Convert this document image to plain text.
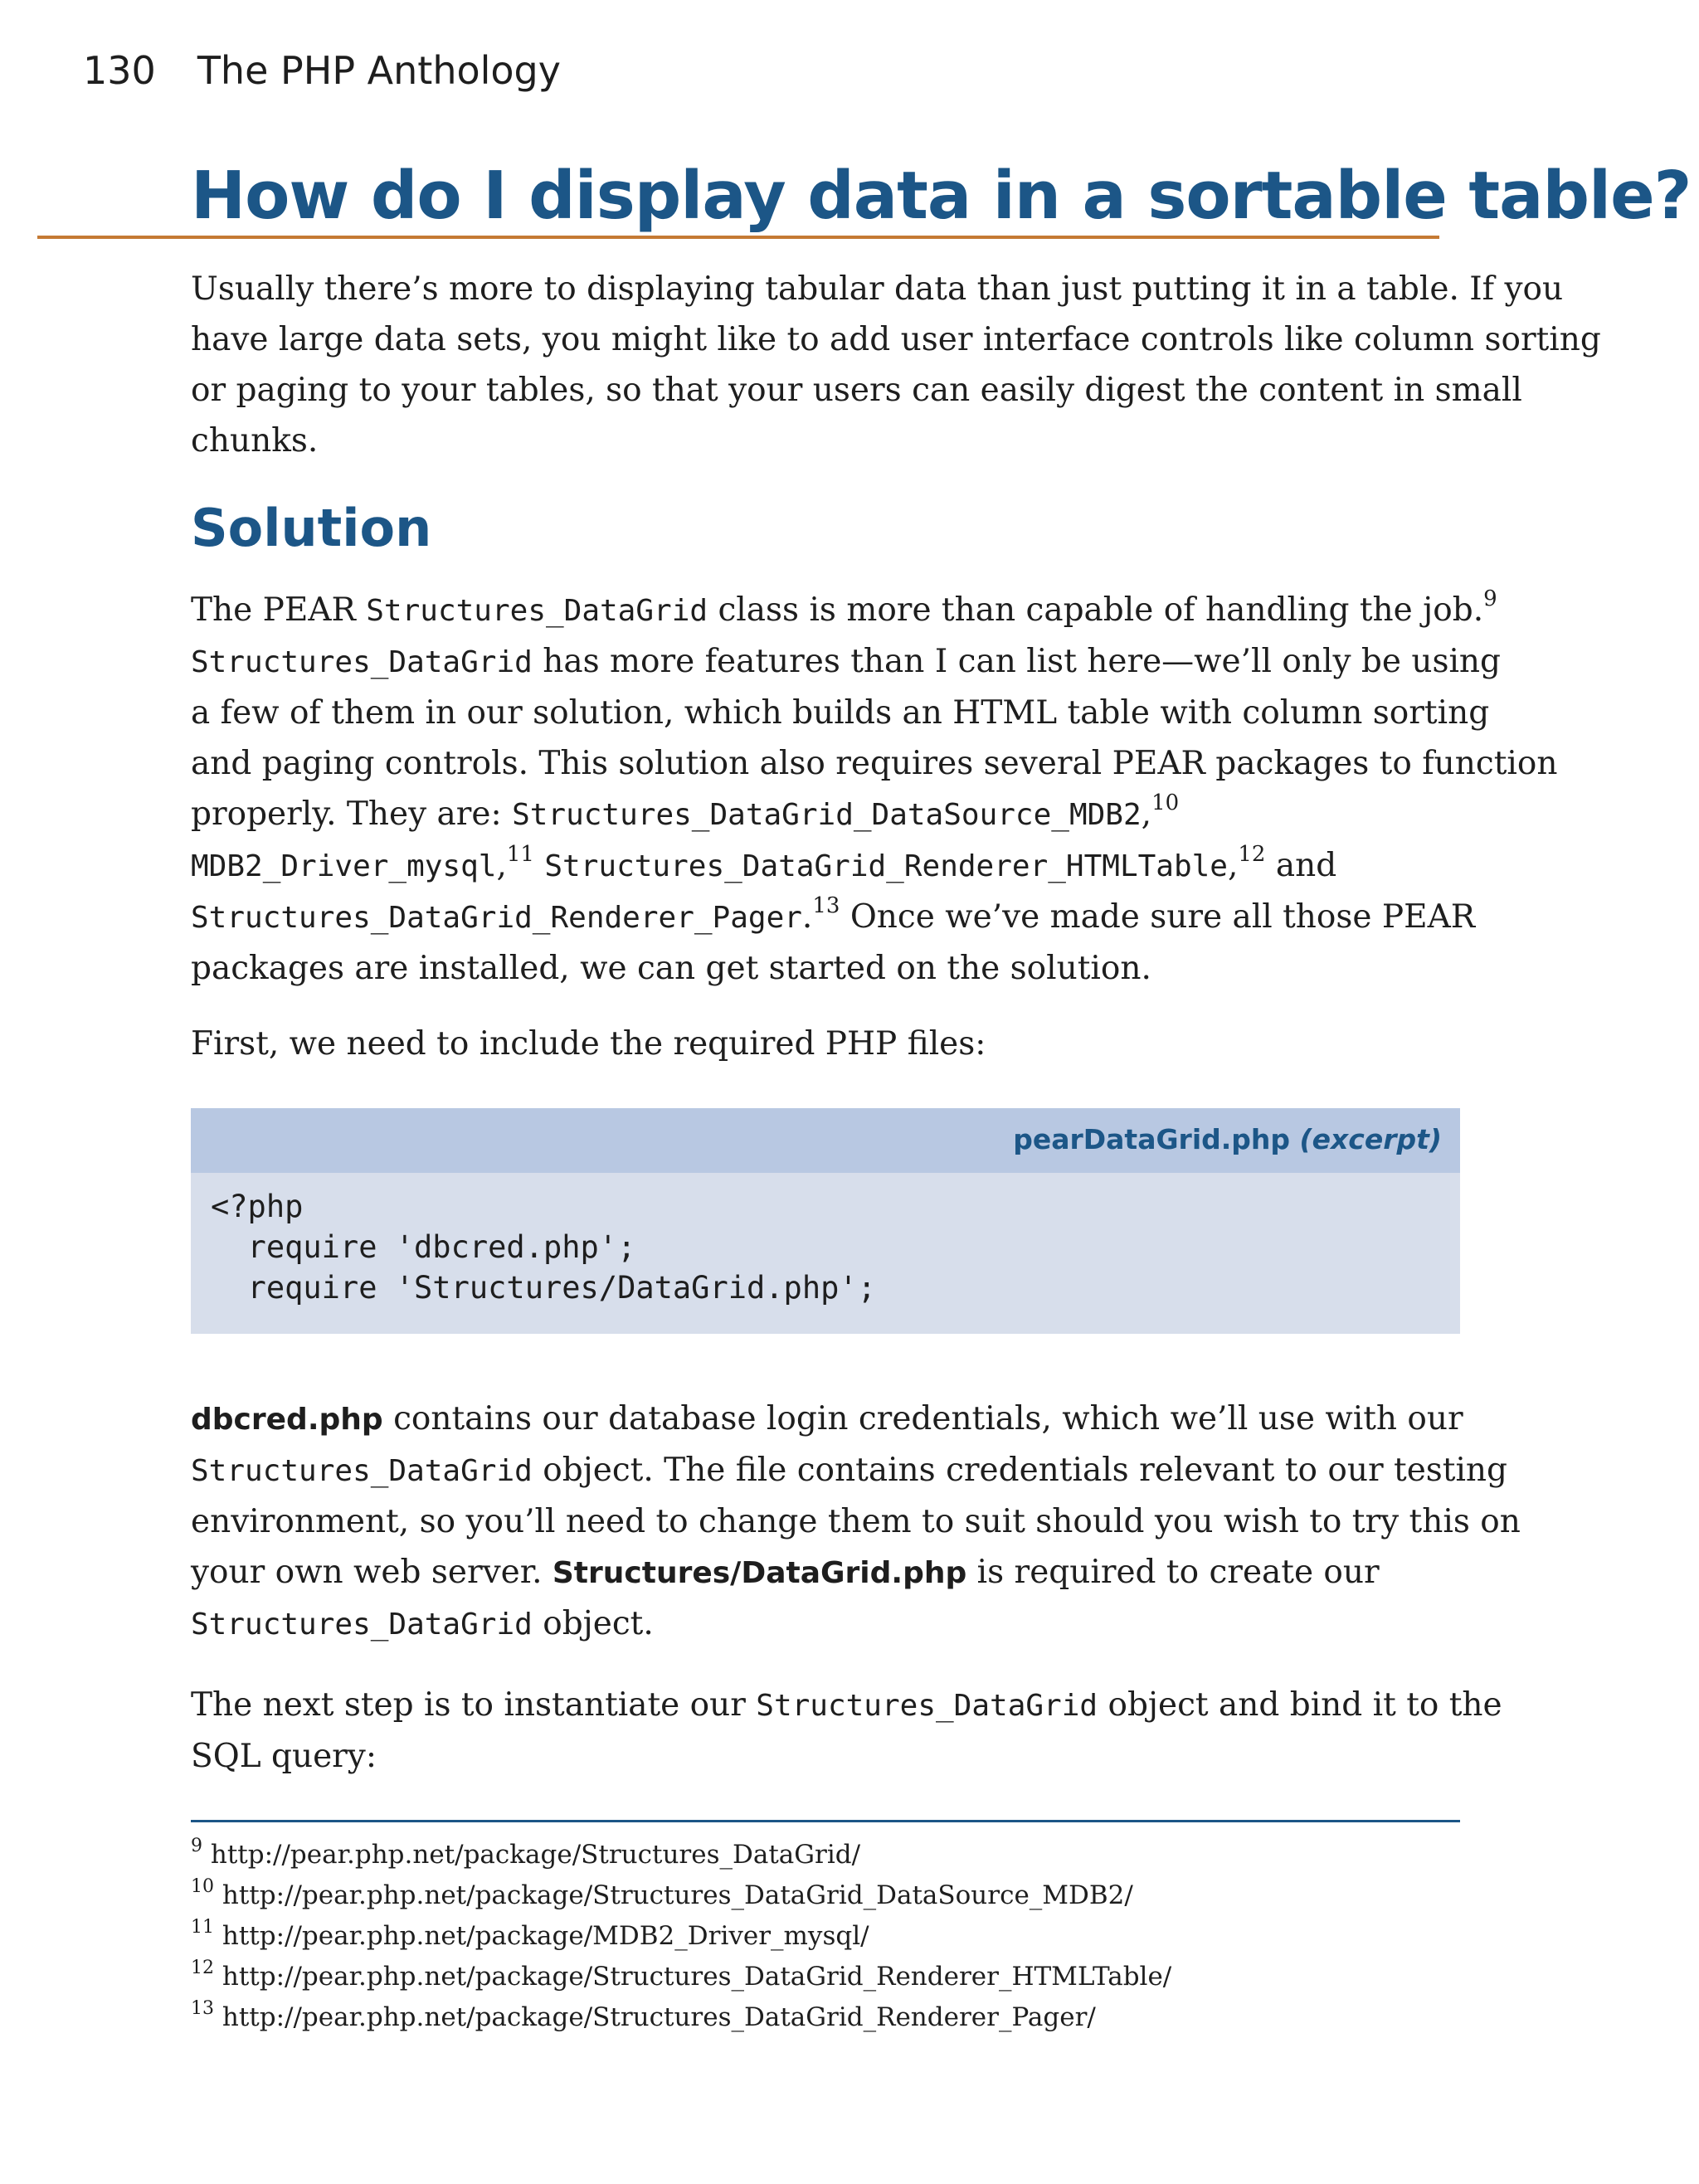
130 The PHP Anthology
How do I display data in a sortable table?

Usually there’s more to displaying tabular data than just putting it in a table. If you
have large data sets, you might like to add user interface controls like column sorting
or paging to your tables, so that your users can easily digest the content in small
chunks.

Solution

The PEAR Structures_DataGrid class is more than capable of handling the job.$^9$
Structures_DataGrid has more features than I can list here—we’ll only be using
a few of them in our solution, which builds an HTML table with column sorting
and paging controls. This solution also requires several PEAR packages to function
properly. They are: Structures_DataGrid_DataSource_MDB2,10
MDB2_Driver_mysql,$^{11}$ Structures_DataGrid_Renderer_HTMLTable,$^{12}$ and
Structures_DataGrid_Renderer_Pager.$^{13}$ Once we’ve made sure all those PEAR
packages are installed, we can get started on the solution.

First, we need to include the required PHP files:

pearDataGrid.php (excerpt)
<?php
require 'dbcred.php';
require 'Structures/DataGrid.php';

dbcred.php contains our database login credentials, which we’ll use with our
Structures_DataGrid object. The file contains credentials relevant to our testing
environment, so you’ll need to change them to suit should you wish to try this on
your own web server. Structures/DataGrid.php is required to create our
Structures_DataGrid object.

The next step is to instantiate our Structures_DataGrid object and bind it to the
SQL query:

$^9$ http://pear.php.net/package/Structures_DataGrid/
$^{10}$ http://pear.php.net/package/Structures_DataGrid_DataSource_MDB2/
$^{11}$ http://pear.php.net/package/MDB2_Driver_mysql/
$^{12}$ http://pear.php.net/package/Structures_DataGrid_Renderer_HTMLTable/
$^{13}$ http://pear.php.net/package/Structures_DataGrid_Renderer_Pager/
